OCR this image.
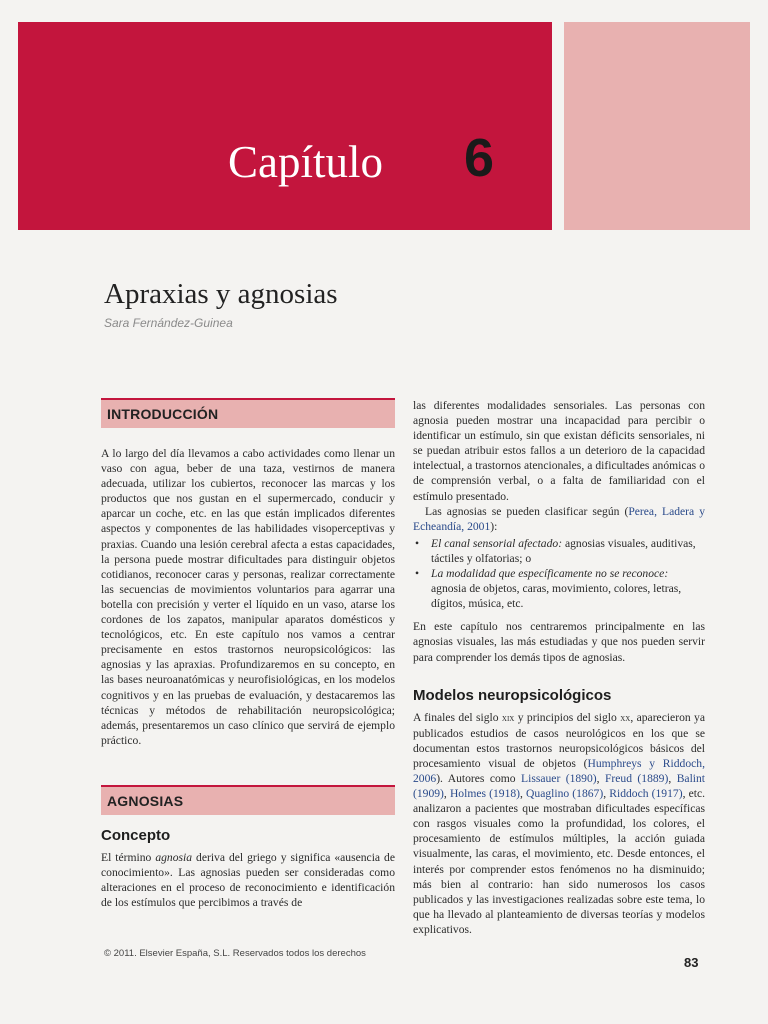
Capítulo 6
Apraxias y agnosias
Sara Fernández-Guinea
INTRODUCCIÓN

A lo largo del día llevamos a cabo actividades como llenar un vaso con agua, beber de una taza, vestirnos de manera adecuada, utilizar los cubiertos, reconocer las marcas y los productos que nos gustan en el supermercado, conducir y aparcar un coche, etc. en las que están implicados diferentes aspectos y componentes de las habilidades visoperceptivas y praxias. Cuando una lesión cerebral afecta a estas capacidades, la persona puede mostrar dificultades para distinguir objetos cotidianos, reconocer caras y personas, realizar correctamente las secuencias de movimientos voluntarios para agarrar una botella con precisión y verter el líquido en un vaso, atarse los cordones de los zapatos, manipular aparatos domésticos y tecnológicos, etc. En este capítulo nos vamos a centrar precisamente en estos trastornos neuropsicológicos: las agnosias y las apraxias. Profundizaremos en su concepto, en las bases neuroanatómicas y neurofisiológicas, en los modelos cognitivos y en las pruebas de evaluación, y destacaremos las técnicas y métodos de rehabilitación neuropsicológica; además, presentaremos un caso clínico que servirá de ejemplo práctico.

AGNOSIAS
Concepto

El término agnosia deriva del griego y significa «ausencia de conocimiento». Las agnosias pueden ser consideradas como alteraciones en el proceso de reconocimiento e identificación de los estímulos que percibimos a través de

las diferentes modalidades sensoriales. Las personas con agnosia pueden mostrar una incapacidad para percibir o identificar un estímulo, sin que existan déficits sensoriales, ni se puedan atribuir estos fallos a un deterioro de la capacidad intelectual, a trastornos atencionales, a dificultades anómicas o de comprensión verbal, o a falta de familiaridad con el estímulo presentado.

Las agnosias se pueden clasificar según (Perea, Ladera y Echeandía, 2001):

• El canal sensorial afectado: agnosias visuales, auditivas, táctiles y olfatorias; o
• La modalidad que específicamente no se reconoce: agnosia de objetos, caras, movimiento, colores, letras, dígitos, música, etc.

En este capítulo nos centraremos principalmente en las agnosias visuales, las más estudiadas y que nos pueden servir para comprender los demás tipos de agnosias.

Modelos neuropsicológicos

A finales del siglo xix y principios del siglo xx, aparecieron ya publicados estudios de casos neurológicos en los que se documentan estos trastornos neuropsicológicos básicos del procesamiento visual de objetos (Humphreys y Riddoch, 2006). Autores como Lissauer (1890), Freud (1889), Balint (1909), Holmes (1918), Quaglino (1867), Riddoch (1917), etc. analizaron a pacientes que mostraban dificultades específicas con rasgos visuales como la profundidad, los colores, el procesamiento de estímulos múltiples, la acción guiada visualmente, las caras, el movimiento, etc. Desde entonces, el interés por comprender estos fenómenos no ha disminuido; más bien al contrario: han sido numerosos los casos publicados y las investigaciones realizadas sobre este tema, lo que ha llevado al planteamiento de diversas teorías y modelos explicativos.

© 2011. Elsevier España, S.L. Reservados todos los derechos
83
